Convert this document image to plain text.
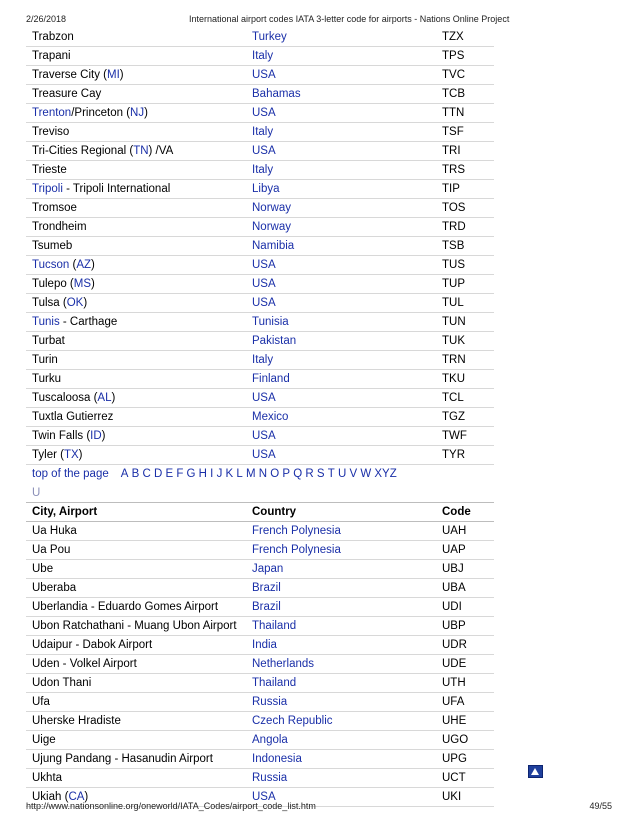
2/26/2018	International airport codes IATA 3-letter code for airports - Nations Online Project
Trabzon	Turkey	TZX
Trapani	Italy	TPS
Traverse City (MI)	USA	TVC
Treasure Cay	Bahamas	TCB
Trenton/Princeton (NJ)	USA	TTN
Treviso	Italy	TSF
Tri-Cities Regional (TN) /VA	USA	TRI
Trieste	Italy	TRS
Tripoli - Tripoli International	Libya	TIP
Tromsoe	Norway	TOS
Trondheim	Norway	TRD
Tsumeb	Namibia	TSB
Tucson (AZ)	USA	TUS
Tulepo (MS)	USA	TUP
Tulsa (OK)	USA	TUL
Tunis - Carthage	Tunisia	TUN
Turbat	Pakistan	TUK
Turin	Italy	TRN
Turku	Finland	TKU
Tuscaloosa (AL)	USA	TCL
Tuxtla Gutierrez	Mexico	TGZ
Twin Falls (ID)	USA	TWF
Tyler (TX)	USA	TYR
top of the page A B C D E F G H I J K L M N O P Q R S T U V W XYZ
U
City, Airport	Country	Code
Ua Huka	French Polynesia	UAH
Ua Pou	French Polynesia	UAP
Ube	Japan	UBJ
Uberaba	Brazil	UBA
Uberlandia - Eduardo Gomes Airport	Brazil	UDI
Ubon Ratchathani - Muang Ubon Airport	Thailand	UBP
Udaipur - Dabok Airport	India	UDR
Uden - Volkel Airport	Netherlands	UDE
Udon Thani	Thailand	UTH
Ufa	Russia	UFA
Uherske Hradiste	Czech Republic	UHE
Uige	Angola	UGO
Ujung Pandang - Hasanudin Airport	Indonesia	UPG
Ukhta	Russia	UCT
Ukiah (CA)	USA	UKI
http://www.nationsonline.org/oneworld/IATA_Codes/airport_code_list.htm	49/55
